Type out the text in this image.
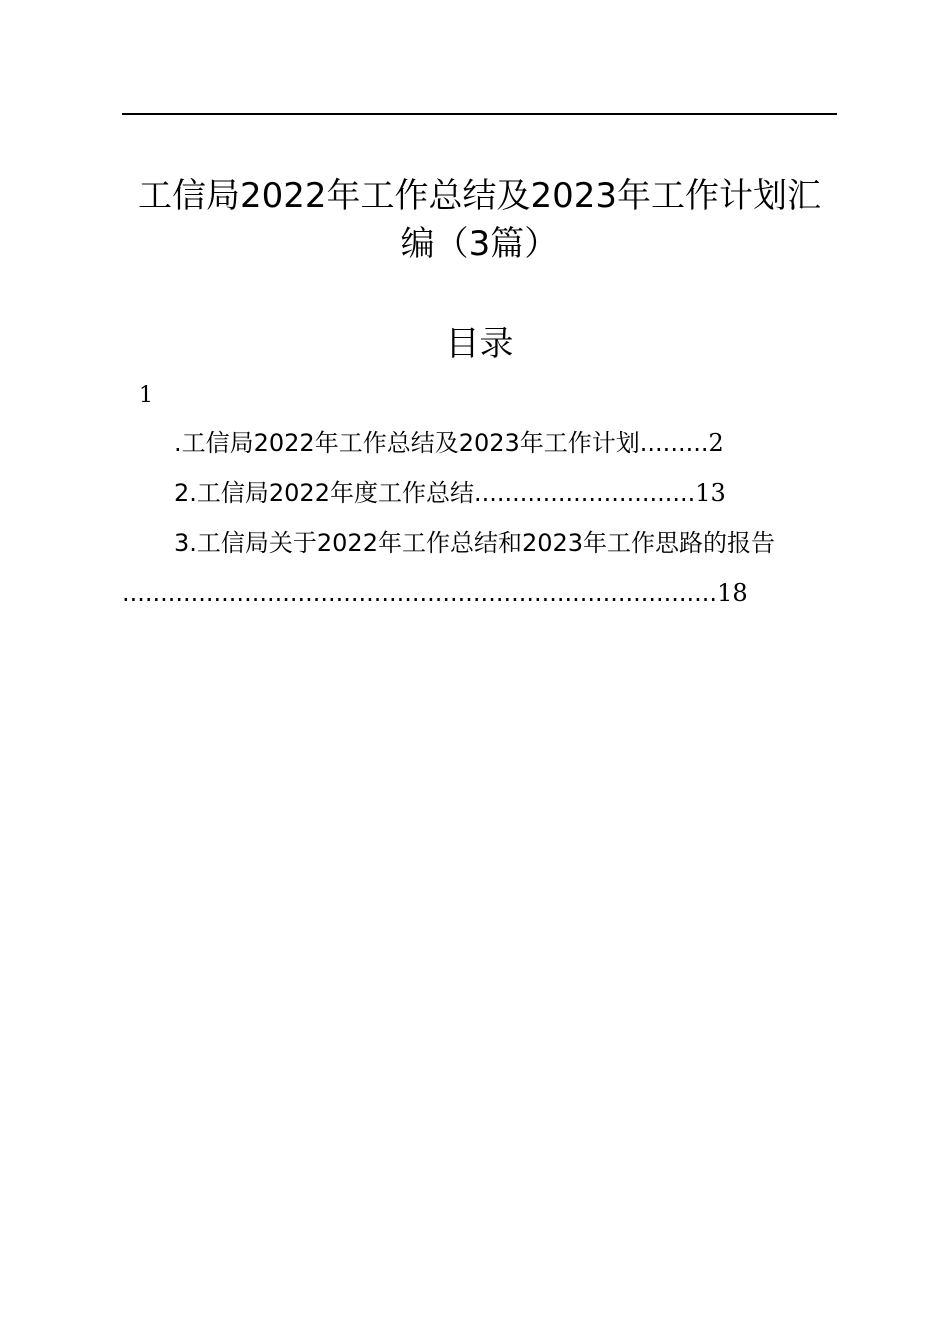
工信局2022年工作总结及2023年工作计划汇
编（3篇）
目录
1
.工信局2022年工作总结及2023年工作计划.........2
2.工信局2022年度工作总结.............................13
3.工信局关于2022年工作总结和2023年工作思路的报告
..............................................................................18
